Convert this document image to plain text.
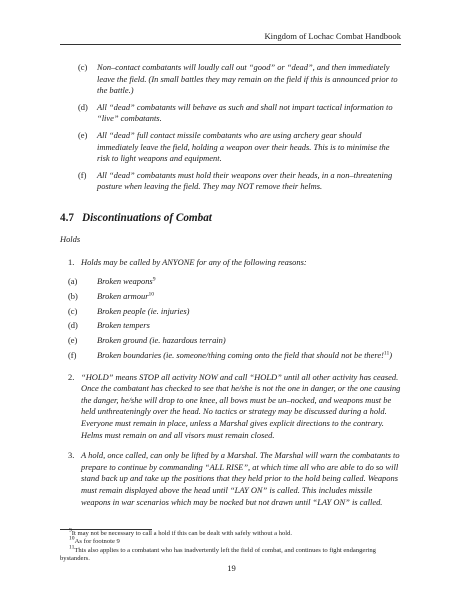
Kingdom of Lochac Combat Handbook
(c) Non–contact combatants will loudly call out “good” or “dead”, and then immediately leave the field. (In small battles they may remain on the field if this is announced prior to the battle.)
(d) All “dead” combatants will behave as such and shall not impart tactical information to “live” combatants.
(e) All “dead” full contact missile combatants who are using archery gear should immediately leave the field, holding a weapon over their heads. This is to minimise the risk to light weapons and equipment.
(f) All “dead” combatants must hold their weapons over their heads, in a non–threatening posture when leaving the field. They may NOT remove their helms.
4.7 Discontinuations of Combat
Holds
1. Holds may be called by ANYONE for any of the following reasons:
(a) Broken weapons$^9$
(b) Broken armour$^{10}$
(c) Broken people (ie. injuries)
(d) Broken tempers
(e) Broken ground (ie. hazardous terrain)
(f) Broken boundaries (ie. someone/thing coming onto the field that should not be there!$^{11}$)
2. “HOLD” means STOP all activity NOW and call “HOLD” until all other activity has ceased. Once the combatant has checked to see that he/she is not the one in danger, or the one causing the danger, he/she will drop to one knee, all bows must be un–nocked, and weapons must be held unthreateningly over the head. No tactics or strategy may be discussed during a hold. Everyone must remain in place, unless a Marshal gives explicit directions to the contrary. Helms must remain on and all visors must remain closed.
3. A hold, once called, can only be lifted by a Marshal. The Marshal will warn the combatants to prepare to continue by commanding “ALL RISE”, at which time all who are able to do so will stand back up and take up the positions that they held prior to the hold being called. Weapons must remain displayed above the head until “LAY ON” is called. This includes missile weapons in war scenarios which may be nocked but not drawn until “LAY ON” is called.
$^9$It may not be necessary to call a hold if this can be dealt with safely without a hold.
$^{10}$As for footnote 9
$^{11}$This also applies to a combatant who has inadvertently left the field of combat, and continues to fight endangering bystanders.
19
